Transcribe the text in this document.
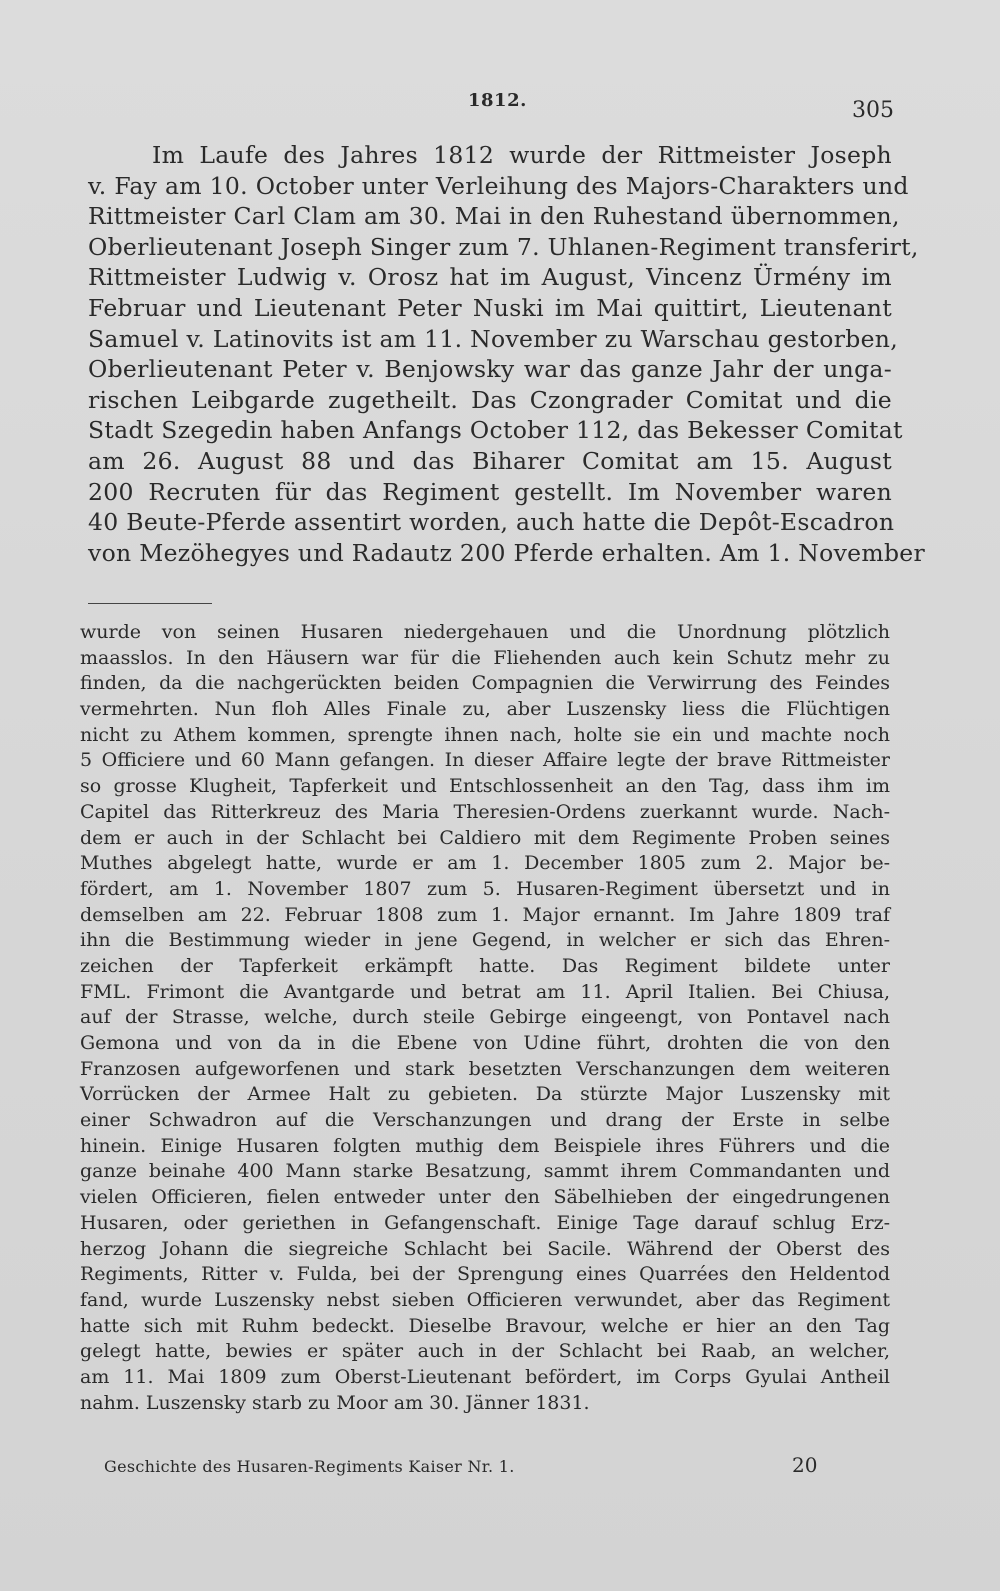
1812.	305
Im Laufe des Jahres 1812 wurde der Rittmeister Joseph
v. Fay am 10. October unter Verleihung des Majors-Charakters und
Rittmeister Carl Clam am 30. Mai in den Ruhestand übernommen,
Oberlieutenant Joseph Singer zum 7. Uhlanen-Regiment transferirt,
Rittmeister Ludwig v. Orosz hat im August, Vincenz Ürmény im
Februar und Lieutenant Peter Nuski im Mai quittirt, Lieutenant
Samuel v. Latinovits ist am 11. November zu Warschau gestorben,
Oberlieutenant Peter v. Benjowsky war das ganze Jahr der unga-
rischen Leibgarde zugetheilt. Das Czongrader Comitat und die
Stadt Szegedin haben Anfangs October 112, das Bekesser Comitat
am 26. August 88 und das Biharer Comitat am 15. August
200 Recruten für das Regiment gestellt. Im November waren
40 Beute-Pferde assentirt worden, auch hatte die Depôt-Escadron
von Mezöhegyes und Radautz 200 Pferde erhalten. Am 1. November
wurde von seinen Husaren niedergehauen und die Unordnung plötzlich
maasslos. In den Häusern war für die Fliehenden auch kein Schutz mehr zu
finden, da die nachgerückten beiden Compagnien die Verwirrung des Feindes
vermehrten. Nun floh Alles Finale zu, aber Luszensky liess die Flüchtigen
nicht zu Athem kommen, sprengte ihnen nach, holte sie ein und machte noch
5 Officiere und 60 Mann gefangen. In dieser Affaire legte der brave Rittmeister
so grosse Klugheit, Tapferkeit und Entschlossenheit an den Tag, dass ihm im
Capitel das Ritterkreuz des Maria Theresien-Ordens zuerkannt wurde. Nach-
dem er auch in der Schlacht bei Caldiero mit dem Regimente Proben seines
Muthes abgelegt hatte, wurde er am 1. December 1805 zum 2. Major be-
fördert, am 1. November 1807 zum 5. Husaren-Regiment übersetzt und in
demselben am 22. Februar 1808 zum 1. Major ernannt. Im Jahre 1809 traf
ihn die Bestimmung wieder in jene Gegend, in welcher er sich das Ehren-
zeichen der Tapferkeit erkämpft hatte. Das Regiment bildete unter
FML. Frimont die Avantgarde und betrat am 11. April Italien. Bei Chiusa,
auf der Strasse, welche, durch steile Gebirge eingeengt, von Pontavel nach
Gemona und von da in die Ebene von Udine führt, drohten die von den
Franzosen aufgeworfenen und stark besetzten Verschanzungen dem weiteren
Vorrücken der Armee Halt zu gebieten. Da stürzte Major Luszensky mit
einer Schwadron auf die Verschanzungen und drang der Erste in selbe
hinein. Einige Husaren folgten muthig dem Beispiele ihres Führers und die
ganze beinahe 400 Mann starke Besatzung, sammt ihrem Commandanten und
vielen Officieren, fielen entweder unter den Säbelhieben der eingedrungenen
Husaren, oder geriethen in Gefangenschaft. Einige Tage darauf schlug Erz-
herzog Johann die siegreiche Schlacht bei Sacile. Während der Oberst des
Regiments, Ritter v. Fulda, bei der Sprengung eines Quarrées den Heldentod
fand, wurde Luszensky nebst sieben Officieren verwundet, aber das Regiment
hatte sich mit Ruhm bedeckt. Dieselbe Bravour, welche er hier an den Tag
gelegt hatte, bewies er später auch in der Schlacht bei Raab, an welcher,
am 11. Mai 1809 zum Oberst-Lieutenant befördert, im Corps Gyulai Antheil
nahm. Luszensky starb zu Moor am 30. Jänner 1831.
Geschichte des Husaren-Regiments Kaiser Nr. 1.	20
